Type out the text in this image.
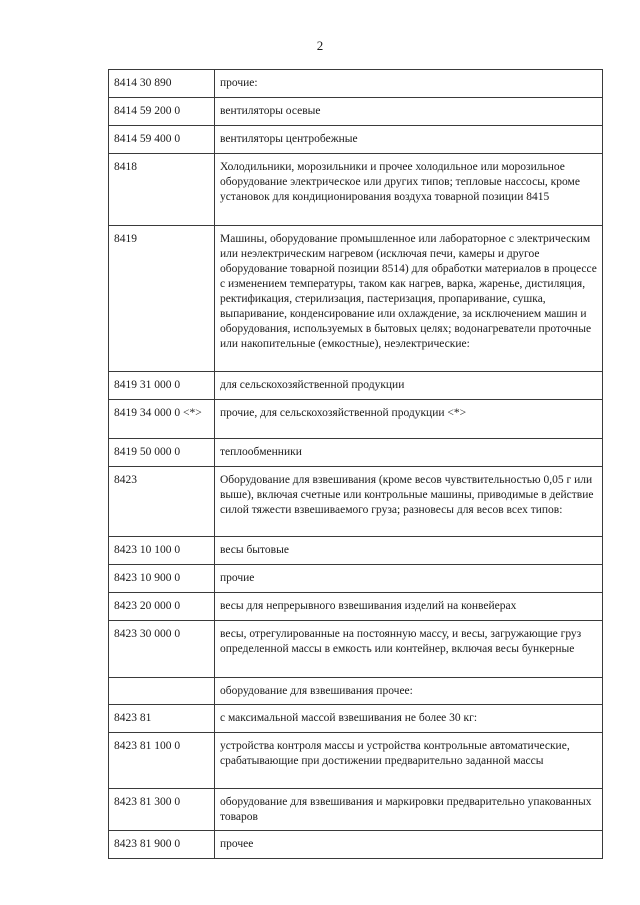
2
8414 30 890	прочие:
8414 59 200 0	вентиляторы осевые
8414 59 400 0	вентиляторы центробежные
8418	Холодильники, морозильники и прочее холодильное или морозильное оборудование электрическое или других типов; тепловые нассосы, кроме установок для кондиционирования воздуха товарной позиции 8415
8419	Машины, оборудование промышленное или лабораторное с электрическим или неэлектрическим нагревом (исключая печи, камеры и другое оборудование товарной позиции 8514) для обработки материалов в процессе с изменением температуры, таком как нагрев, варка, жаренье, дистиляция, ректификация, стерилизация, пастеризация, пропаривание, сушка, выпаривание, конденсирование или охлаждение, за исключением машин и оборудования, используемых в бытовых целях; водонагреватели проточные или накопительные (емкостные), неэлектрические:
8419 31 000 0	для сельскохозяйственной продукции
8419 34 000 0 <*>	прочие, для сельскохозяйственной продукции <*>
8419 50 000 0	теплообменники
8423	Оборудование для взвешивания (кроме весов чувствительностью 0,05 г или выше), включая счетные или контрольные машины, приводимые в действие силой тяжести взвешиваемого груза; разновесы для весов всех типов:
8423 10 100 0	весы бытовые
8423 10 900 0	прочие
8423 20 000 0	весы для непрерывного взвешивания изделий на конвейерах
8423 30 000 0	весы, отрегулированные на постоянную массу, и весы, загружающие груз определенной массы в емкость или контейнер, включая весы бункерные
	оборудование для взвешивания прочее:
8423 81	с максимальной массой взвешивания не более 30 кг:
8423 81 100 0	устройства контроля массы и устройства контрольные автоматические, срабатывающие при достижении предварительно заданной массы
8423 81 300 0	оборудование для взвешивания и маркировки предварительно упакованных товаров
8423 81 900 0	прочее
